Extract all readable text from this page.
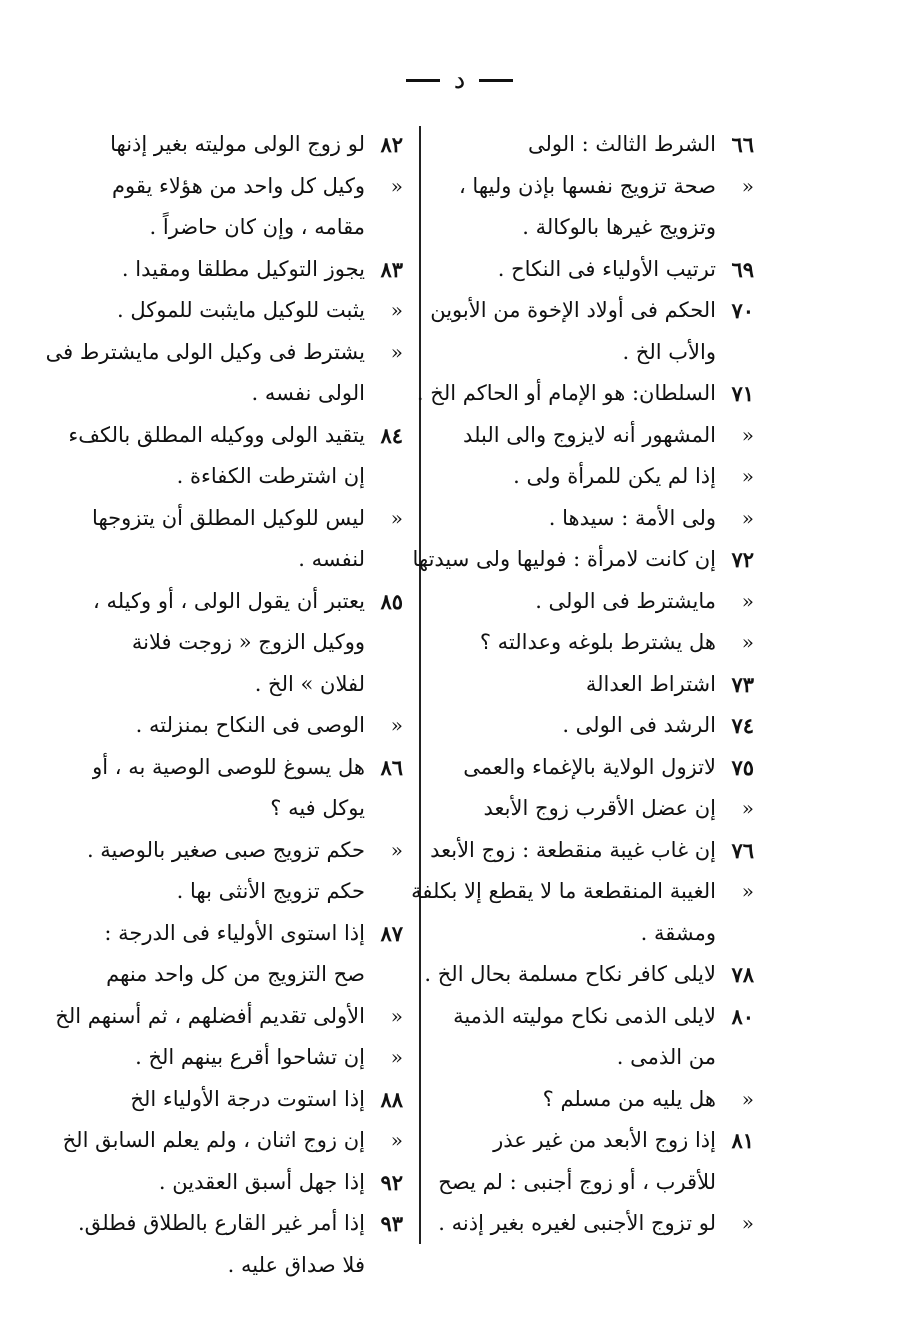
د
٦٦
الشرط الثالث : الولى
«
صحة تزويج نفسها بإذن وليها ،
وتزويج غيرها بالوكالة .
٦٩
ترتيب الأولياء فى النكاح .
٧٠
الحكم فى أولاد الإخوة من الأبوين
والأب الخ .
٧١
السلطان: هو الإمام أو الحاكم الخ .
«
المشهور أنه لايزوج والى البلد
«
إذا لم يكن للمرأة ولى .
«
ولى الأمة : سيدها .
٧٢
إن كانت لامرأة : فوليها ولى سيدتها
«
مايشترط فى الولى .
«
هل يشترط بلوغه وعدالته ؟
٧٣
اشتراط العدالة
٧٤
الرشد فى الولى .
٧٥
لاتزول الولاية بالإغماء والعمى
«
إن عضل الأقرب زوج الأبعد
٧٦
إن غاب غيبة منقطعة : زوج الأبعد
«
الغيبة المنقطعة ما لا يقطع إلا بكلفة
ومشقة .
٧٨
لايلى كافر نكاح مسلمة بحال الخ .
٨٠
لايلى الذمى نكاح موليته الذمية
من الذمى .
«
هل يليه من مسلم ؟
٨١
إذا زوج الأبعد من غير عذر
للأقرب ، أو زوج أجنبى : لم يصح
«
لو تزوج الأجنبى لغيره بغير إذنه .
٨٢
لو زوج الولى موليته بغير إذنها
«
وكيل كل واحد من هؤلاء يقوم
مقامه ، وإن كان حاضراً .
٨٣
يجوز التوكيل مطلقا ومقيدا .
«
يثبت للوكيل مايثبت للموكل .
«
يشترط فى وكيل الولى مايشترط فى
الولى نفسه .
٨٤
يتقيد الولى ووكيله المطلق بالكفء
إن اشترطت الكفاءة .
«
ليس للوكيل المطلق أن يتزوجها
لنفسه .
٨٥
يعتبر أن يقول الولى ، أو وكيله ،
ووكيل الزوج « زوجت فلانة
لفلان » الخ .
«
الوصى فى النكاح بمنزلته .
٨٦
هل يسوغ للوصى الوصية به ، أو
يوكل فيه ؟
«
حكم تزويج صبى صغير بالوصية .
حكم تزويج الأنثى بها .
٨٧
إذا استوى الأولياء فى الدرجة :
صح التزويج من كل واحد منهم
«
الأولى تقديم أفضلهم ، ثم أسنهم الخ
«
إن تشاحوا أقرع بينهم الخ .
٨٨
إذا استوت درجة الأولياء الخ
«
إن زوج اثنان ، ولم يعلم السابق الخ
٩٢
إذا جهل أسبق العقدين .
٩٣
إذا أمر غير القارع بالطلاق فطلق.
فلا صداق عليه .
